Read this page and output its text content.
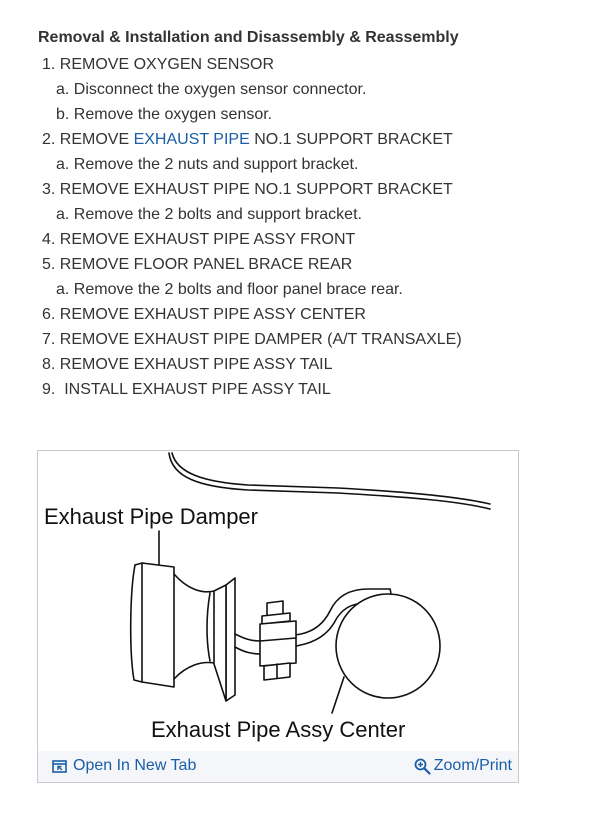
Removal & Installation and Disassembly & Reassembly
1. REMOVE OXYGEN SENSOR
a. Disconnect the oxygen sensor connector.
b. Remove the oxygen sensor.
2. REMOVE EXHAUST PIPE NO.1 SUPPORT BRACKET
a. Remove the 2 nuts and support bracket.
3. REMOVE EXHAUST PIPE NO.1 SUPPORT BRACKET
a. Remove the 2 bolts and support bracket.
4. REMOVE EXHAUST PIPE ASSY FRONT
5. REMOVE FLOOR PANEL BRACE REAR
a. Remove the 2 bolts and floor panel brace rear.
6. REMOVE EXHAUST PIPE ASSY CENTER
7. REMOVE EXHAUST PIPE DAMPER (A/T TRANSAXLE)
8. REMOVE EXHAUST PIPE ASSY TAIL
9.  INSTALL EXHAUST PIPE ASSY TAIL
Exhaust Pipe Damper
Exhaust Pipe Assy Center
Open In New Tab	Zoom/Print
